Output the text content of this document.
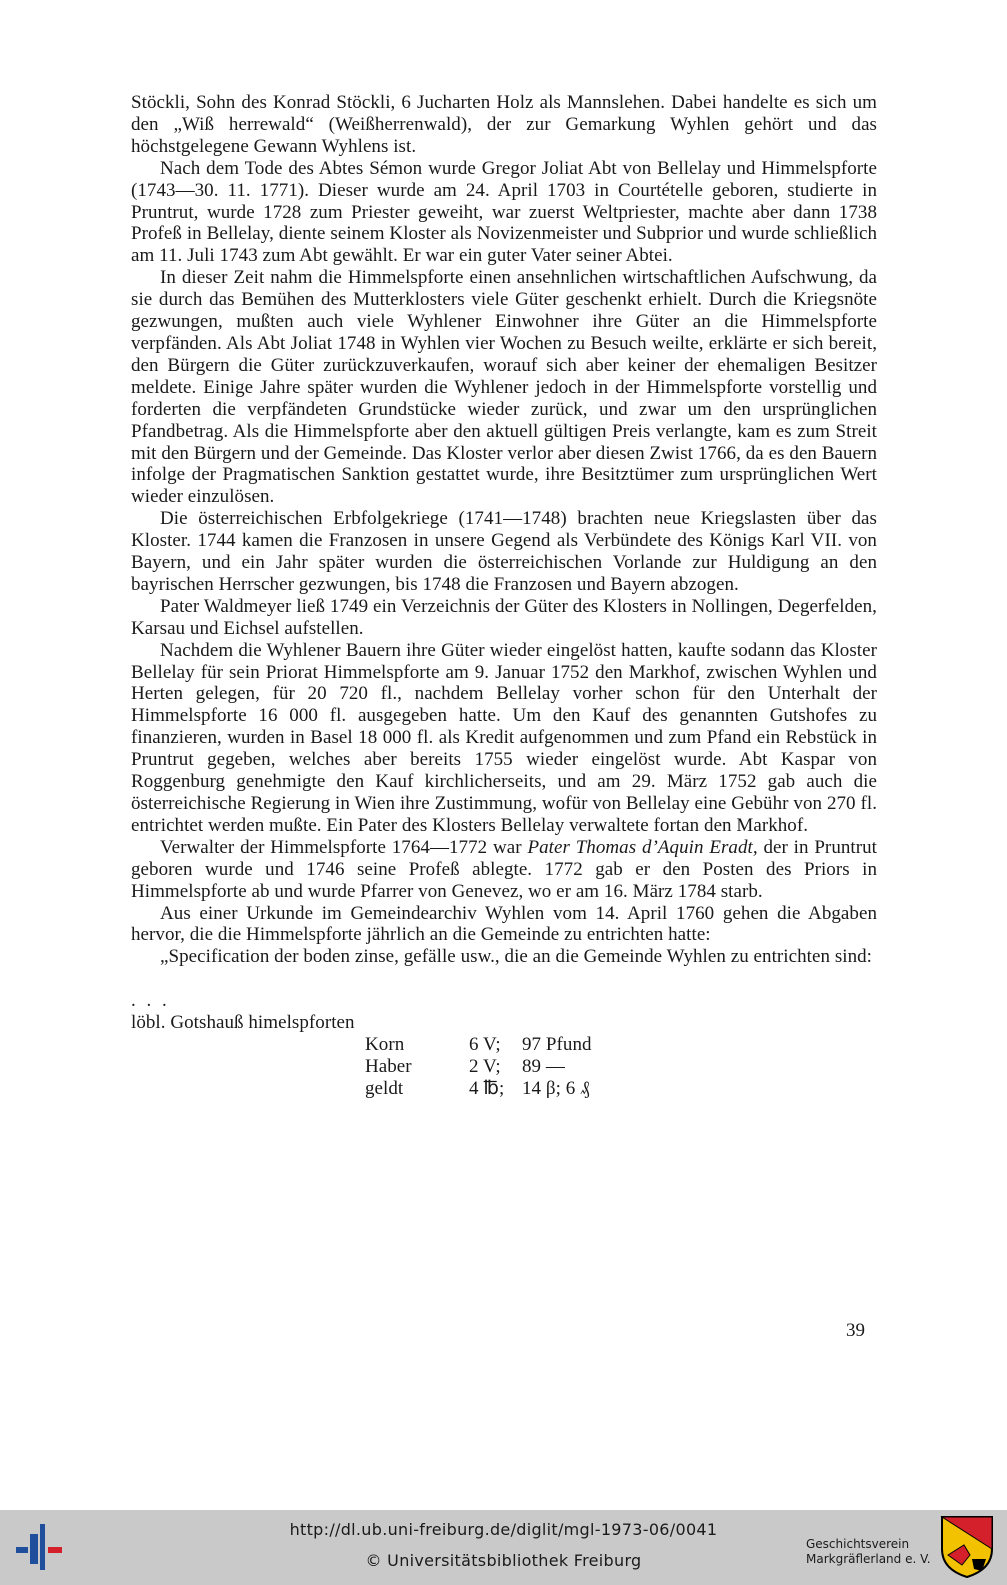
Stöckli, Sohn des Konrad Stöckli, 6 Jucharten Holz als Mannslehen. Dabei handelte es sich um den „Wiß herrewald“ (Weißherrenwald), der zur Gemarkung Wyhlen gehört und das höchstgelegene Gewann Wyhlens ist.

Nach dem Tode des Abtes Sémon wurde Gregor Joliat Abt von Bellelay und Himmelspforte (1743—30. 11. 1771). Dieser wurde am 24. April 1703 in Courtételle geboren, studierte in Pruntrut, wurde 1728 zum Priester geweiht, war zuerst Weltpriester, machte aber dann 1738 Profeß in Bellelay, diente seinem Kloster als Novizenmeister und Subprior und wurde schließlich am 11. Juli 1743 zum Abt gewählt. Er war ein guter Vater seiner Abtei.

In dieser Zeit nahm die Himmelspforte einen ansehnlichen wirtschaftlichen Aufschwung, da sie durch das Bemühen des Mutterklosters viele Güter geschenkt erhielt. Durch die Kriegsnöte gezwungen, mußten auch viele Wyhlener Einwohner ihre Güter an die Himmelspforte verpfänden. Als Abt Joliat 1748 in Wyhlen vier Wochen zu Besuch weilte, erklärte er sich bereit, den Bürgern die Güter zurückzuverkaufen, worauf sich aber keiner der ehemaligen Besitzer meldete. Einige Jahre später wurden die Wyhlener jedoch in der Himmelspforte vorstellig und forderten die verpfändeten Grundstücke wieder zurück, und zwar um den ursprünglichen Pfandbetrag. Als die Himmelspforte aber den aktuell gültigen Preis verlangte, kam es zum Streit mit den Bürgern und der Gemeinde. Das Kloster verlor aber diesen Zwist 1766, da es den Bauern infolge der Pragmatischen Sanktion gestattet wurde, ihre Besitztümer zum ursprünglichen Wert wieder einzulösen.

Die österreichischen Erbfolgekriege (1741—1748) brachten neue Kriegslasten über das Kloster. 1744 kamen die Franzosen in unsere Gegend als Verbündete des Königs Karl VII. von Bayern, und ein Jahr später wurden die österreichischen Vorlande zur Huldigung an den bayrischen Herrscher gezwungen, bis 1748 die Franzosen und Bayern abzogen.

Pater Waldmeyer ließ 1749 ein Verzeichnis der Güter des Klosters in Nollingen, Degerfelden, Karsau und Eichsel aufstellen.

Nachdem die Wyhlener Bauern ihre Güter wieder eingelöst hatten, kaufte sodann das Kloster Bellelay für sein Priorat Himmelspforte am 9. Januar 1752 den Markhof, zwischen Wyhlen und Herten gelegen, für 20 720 fl., nachdem Bellelay vorher schon für den Unterhalt der Himmelspforte 16 000 fl. ausgegeben hatte. Um den Kauf des genannten Gutshofes zu finanzieren, wurden in Basel 18 000 fl. als Kredit aufgenommen und zum Pfand ein Rebstück in Pruntrut gegeben, welches aber bereits 1755 wieder eingelöst wurde. Abt Kaspar von Roggenburg genehmigte den Kauf kirchlicherseits, und am 29. März 1752 gab auch die österreichische Regierung in Wien ihre Zustimmung, wofür von Bellelay eine Gebühr von 270 fl. entrichtet werden mußte. Ein Pater des Klosters Bellelay verwaltete fortan den Markhof.

Verwalter der Himmelspforte 1764—1772 war Pater Thomas d’Aquin Eradt, der in Pruntrut geboren wurde und 1746 seine Profeß ablegte. 1772 gab er den Posten des Priors in Himmelspforte ab und wurde Pfarrer von Genevez, wo er am 16. März 1784 starb.

Aus einer Urkunde im Gemeindearchiv Wyhlen vom 14. April 1760 gehen die Abgaben hervor, die die Himmelspforte jährlich an die Gemeinde zu entrichten hatte:

„Specification der boden zinse, gefälle usw., die an die Gemeinde Wyhlen zu entrichten sind:

. . .

löbl. Gotshauß himelspforten

Korn	6 V;	97 Pfund
Haber	2 V;	89 —
geldt	4 ℔; 14 β; 6 ₰
39
http://dl.ub.uni-freiburg.de/diglit/mgl-1973-06/0041
© Universitätsbibliothek Freiburg
Geschichtsverein
Markgräflerland e. V.
